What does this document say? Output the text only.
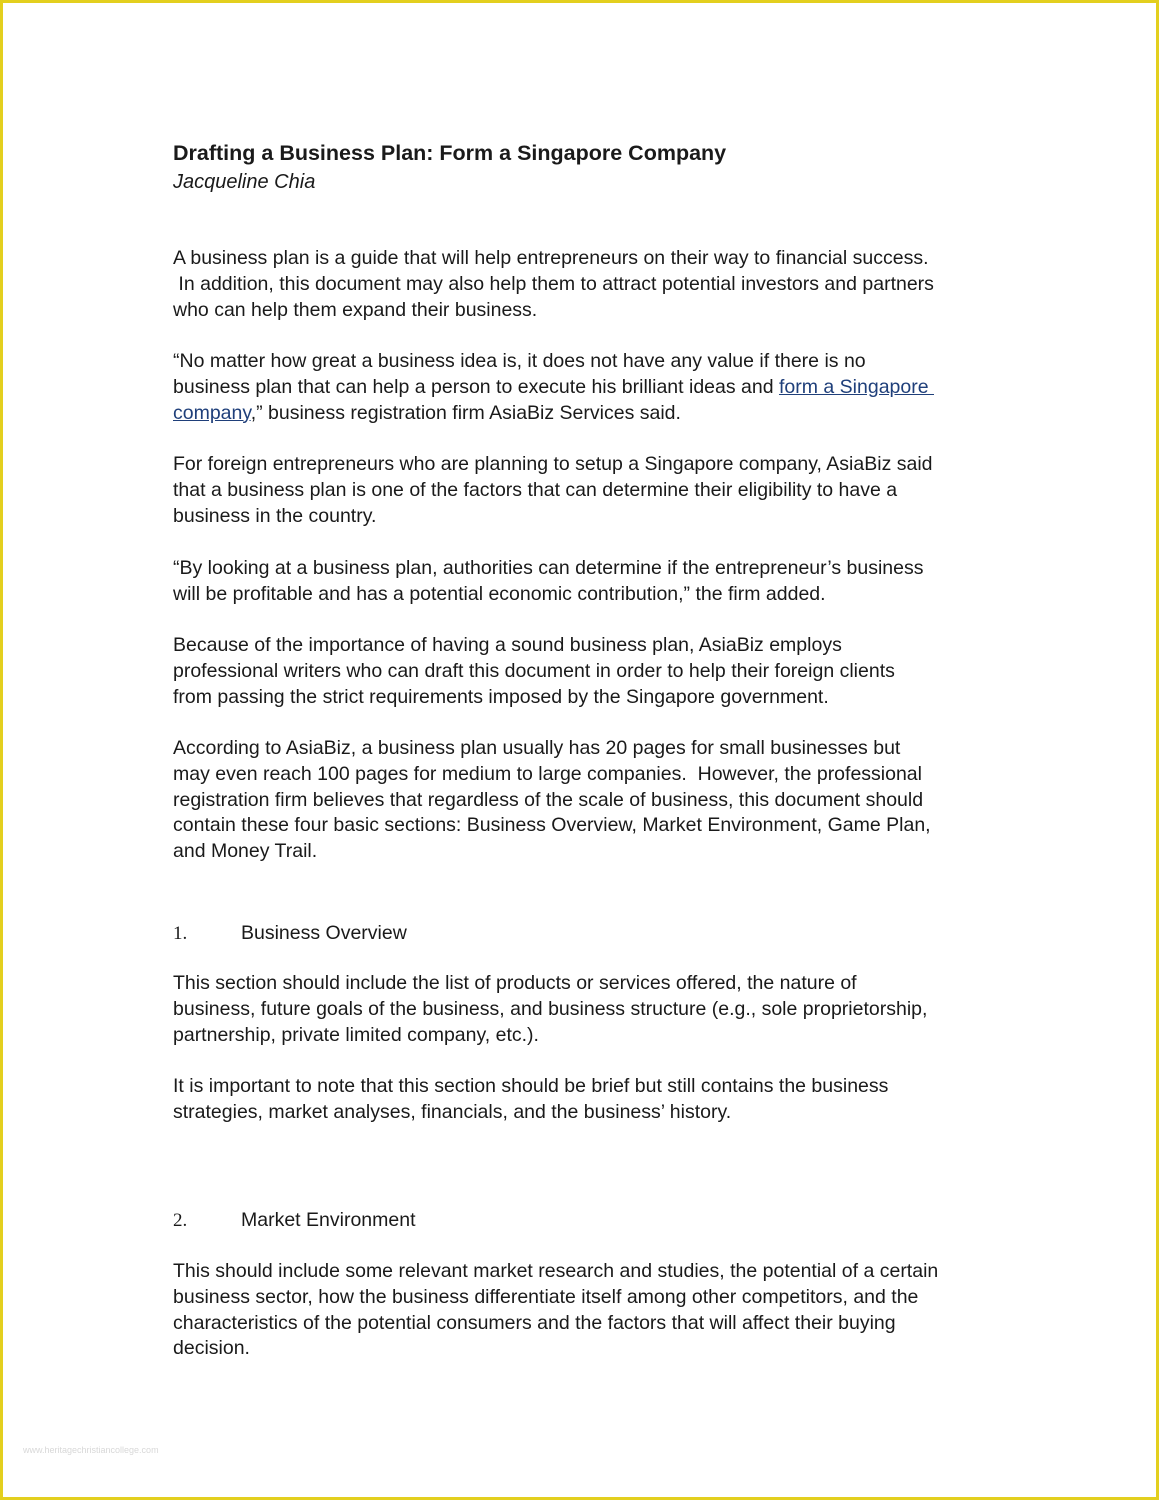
Drafting a Business Plan: Form a Singapore Company

Jacqueline Chia

A business plan is a guide that will help entrepreneurs on their way to financial success.
In addition, this document may also help them to attract potential investors and partners
who can help them expand their business.

“No matter how great a business idea is, it does not have any value if there is no
business plan that can help a person to execute his brilliant ideas and form a Singapore
company,” business registration firm AsiaBiz Services said.

For foreign entrepreneurs who are planning to setup a Singapore company, AsiaBiz said
that a business plan is one of the factors that can determine their eligibility to have a
business in the country.

“By looking at a business plan, authorities can determine if the entrepreneur’s business
will be profitable and has a potential economic contribution,” the firm added.

Because of the importance of having a sound business plan, AsiaBiz employs
professional writers who can draft this document in order to help their foreign clients
from passing the strict requirements imposed by the Singapore government.

According to AsiaBiz, a business plan usually has 20 pages for small businesses but
may even reach 100 pages for medium to large companies.  However, the professional
registration firm believes that regardless of the scale of business, this document should
contain these four basic sections: Business Overview, Market Environment, Game Plan,
and Money Trail.

1.	Business Overview

This section should include the list of products or services offered, the nature of
business, future goals of the business, and business structure (e.g., sole proprietorship,
partnership, private limited company, etc.).

It is important to note that this section should be brief but still contains the business
strategies, market analyses, financials, and the business’ history.

2.	Market Environment

This should include some relevant market research and studies, the potential of a certain
business sector, how the business differentiate itself among other competitors, and the
characteristics of the potential consumers and the factors that will affect their buying
decision.

www.heritagechristiancollege.com
